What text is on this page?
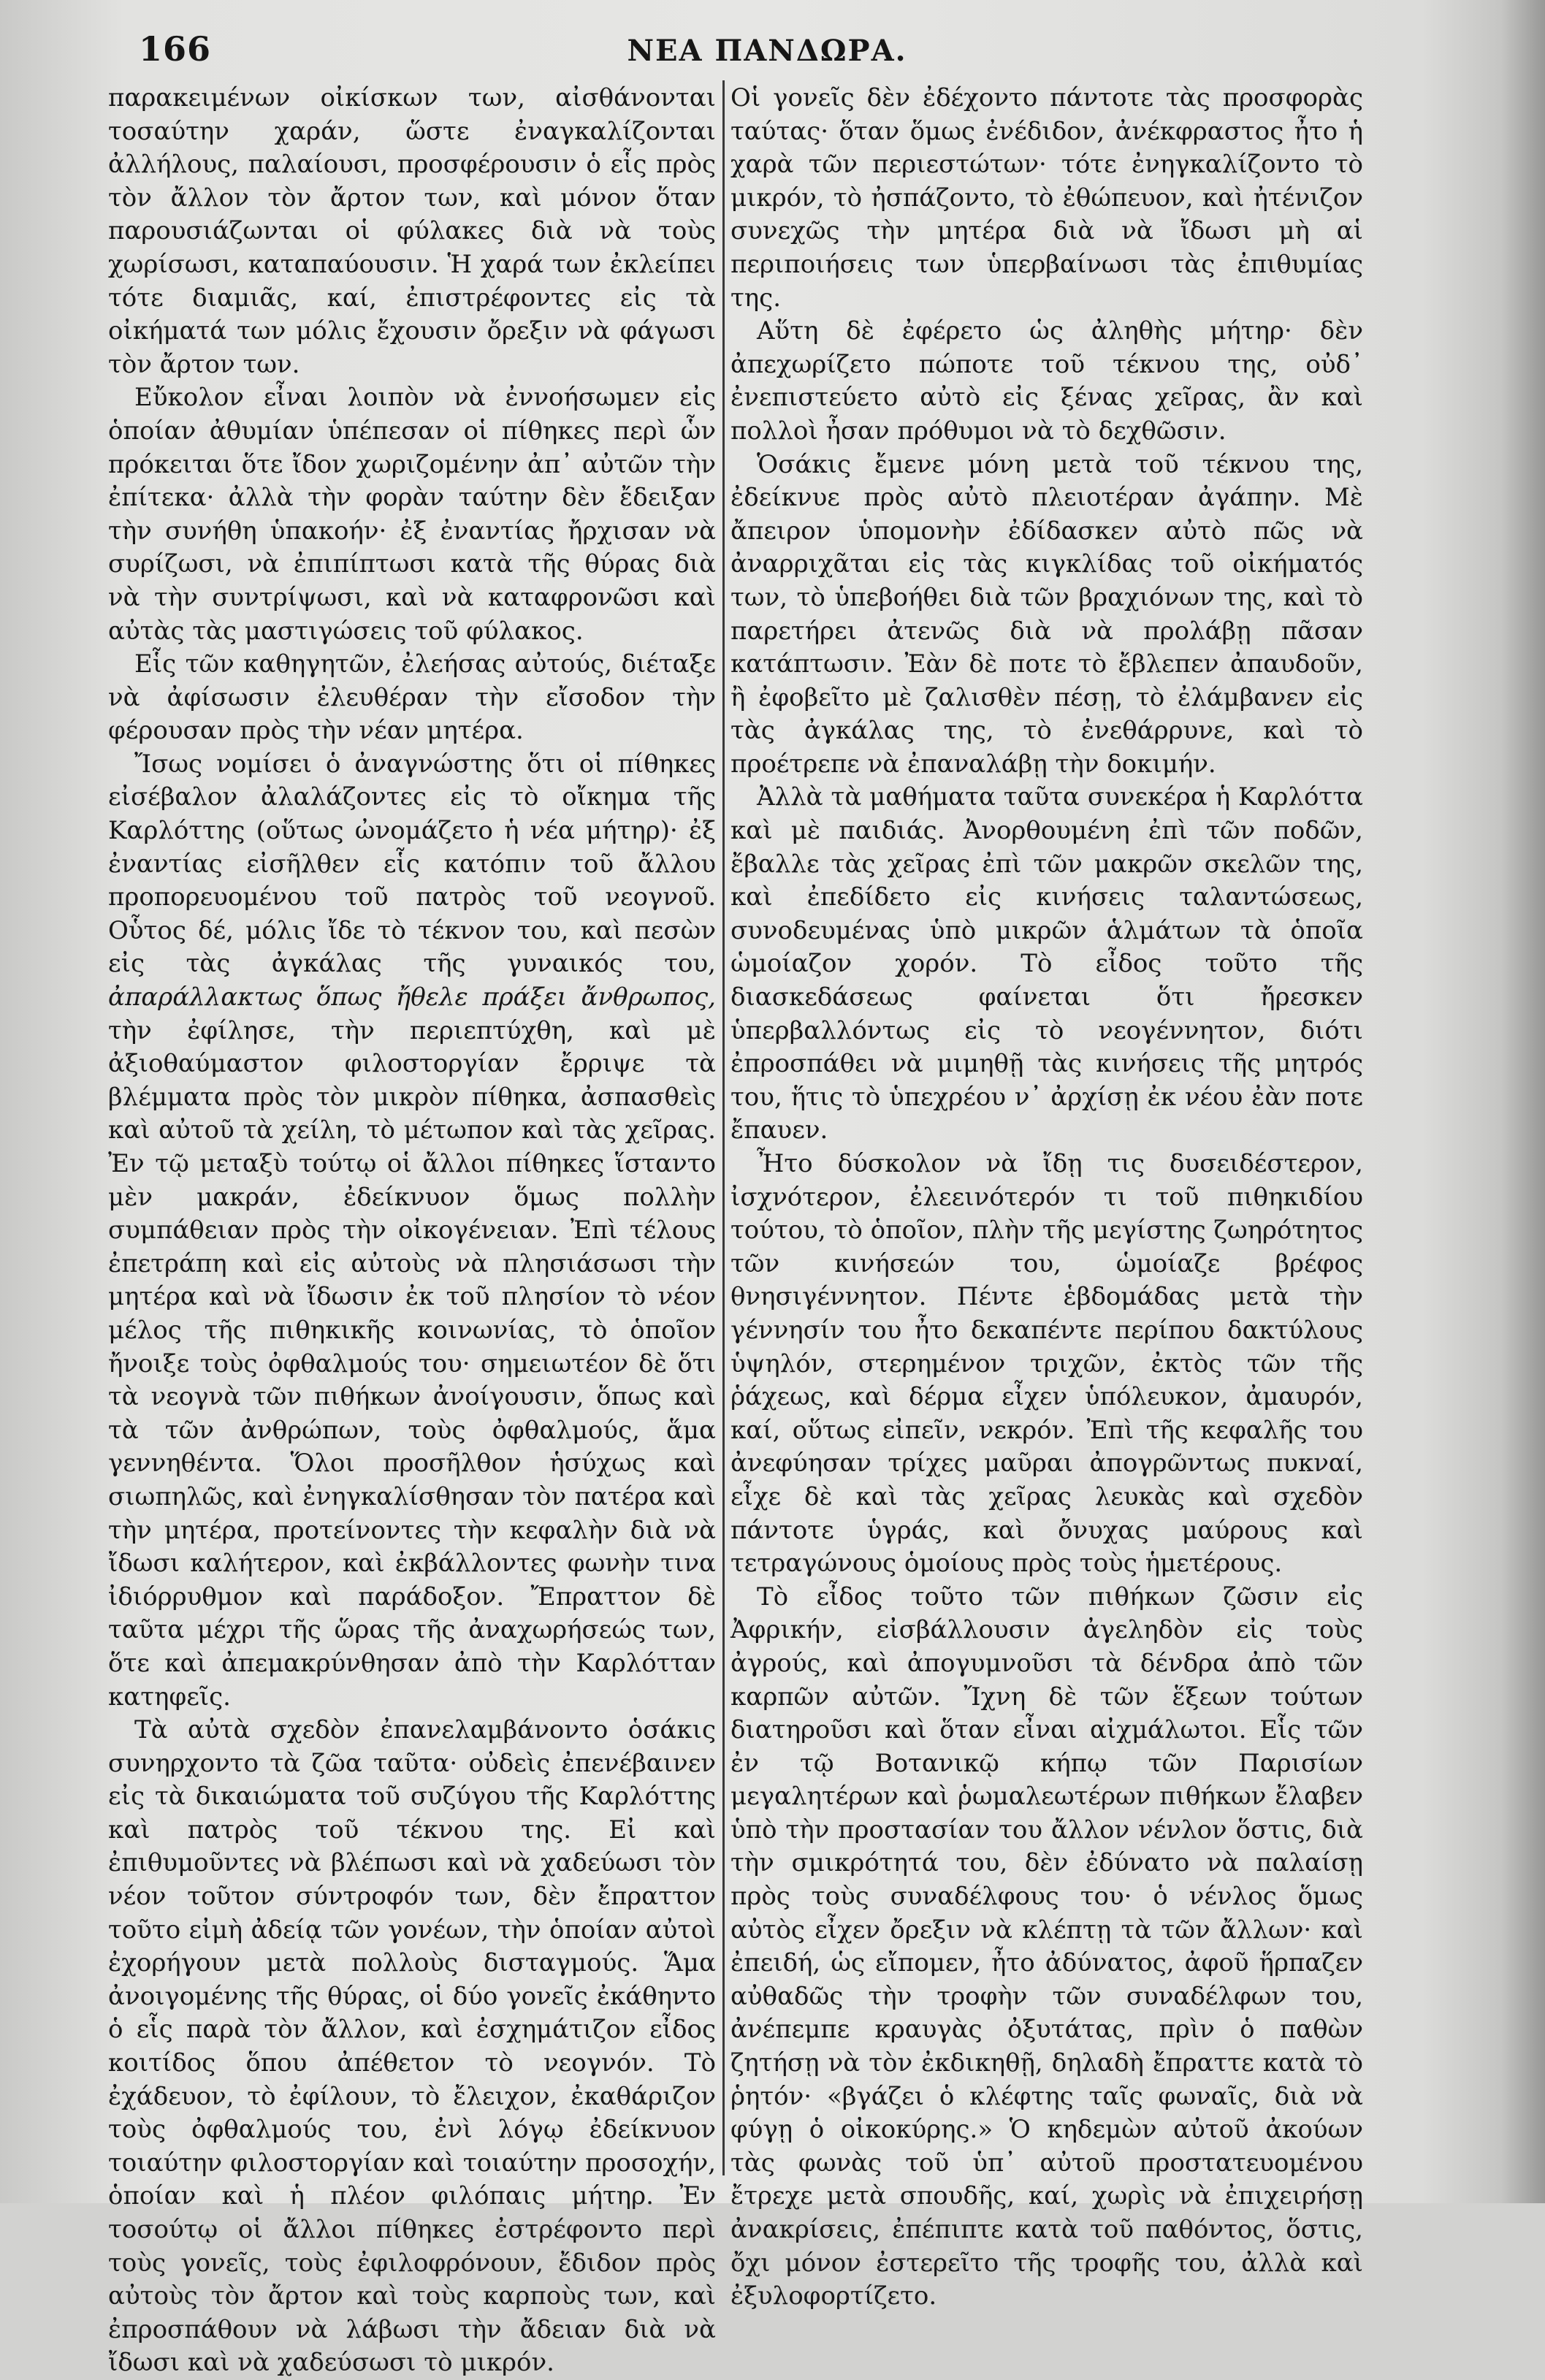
166	ΝΕΑ ΠΑΝΔΩΡΑ.

παρακειμένων οἰκίσκων των, αἰσθάνονται τοσαύτην χαράν, ὥστε ἐναγκαλίζονται ἀλλήλους, παλαίουσι, προσφέρουσιν ὁ εἷς πρὸς τὸν ἄλλον τὸν ἄρτον των, καὶ μόνον ὅταν παρουσιάζωνται οἱ φύλακες διὰ νὰ τοὺς χωρίσωσι, καταπαύουσιν. Ἡ χαρά των ἐκλείπει τότε διαμιᾶς, καί, ἐπιστρέφοντες εἰς τὰ οἰκήματά των μόλις ἔχουσιν ὄρεξιν νὰ φάγωσι τὸν ἄρτον των.

Εὔκολον εἶναι λοιπὸν νὰ ἐννοήσωμεν εἰς ὁποίαν ἀθυμίαν ὑπέπεσαν οἱ πίθηκες περὶ ὧν πρόκειται ὅτε ἴδον χωριζομένην ἀπ᾽ αὐτῶν τὴν ἐπίτεκα· ἀλλὰ τὴν φορὰν ταύτην δὲν ἔδειξαν τὴν συνήθη ὑπακοήν· ἐξ ἐναντίας ἤρχισαν νὰ συρίζωσι, νὰ ἐπιπίπτωσι κατὰ τῆς θύρας διὰ νὰ τὴν συντρίψωσι, καὶ νὰ καταφρονῶσι καὶ αὐτὰς τὰς μαστιγώσεις τοῦ φύλακος.

Εἷς τῶν καθηγητῶν, ἐλεήσας αὐτούς, διέταξε νὰ ἀφίσωσιν ἐλευθέραν τὴν εἴσοδον τὴν φέρουσαν πρὸς τὴν νέαν μητέρα.

Ἴσως νομίσει ὁ ἀναγνώστης ὅτι οἱ πίθηκες εἰσέβαλον ἀλαλάζοντες εἰς τὸ οἴκημα τῆς Καρλόττης (οὕτως ὠνομάζετο ἡ νέα μήτηρ)· ἐξ ἐναντίας εἰσῆλθεν εἷς κατόπιν τοῦ ἄλλου προπορευομένου τοῦ πατρὸς τοῦ νεογνοῦ. Οὗτος δέ, μόλις ἴδε τὸ τέκνον του, καὶ πεσὼν εἰς τὰς ἀγκάλας τῆς γυναικός του, ἀπαράλλακτως ὅπως ἤθελε πράξει ἄνθρωπος, τὴν ἐφίλησε, τὴν περιεπτύχθη, καὶ μὲ ἀξιοθαύμαστον φιλοστοργίαν ἔρριψε τὰ βλέμματα πρὸς τὸν μικρὸν πίθηκα, ἀσπασθεὶς καὶ αὐτοῦ τὰ χείλη, τὸ μέτωπον καὶ τὰς χεῖρας. Ἐν τῷ μεταξὺ τούτῳ οἱ ἄλλοι πίθηκες ἵσταντο μὲν μακράν, ἐδείκνυον ὅμως πολλὴν συμπάθειαν πρὸς τὴν οἰκογένειαν. Ἐπὶ τέλους ἐπετράπη καὶ εἰς αὐτοὺς νὰ πλησιάσωσι τὴν μητέρα καὶ νὰ ἴδωσιν ἐκ τοῦ πλησίον τὸ νέον μέλος τῆς πιθηκικῆς κοινωνίας, τὸ ὁποῖον ἤνοιξε τοὺς ὀφθαλμούς του· σημειωτέον δὲ ὅτι τὰ νεογνὰ τῶν πιθήκων ἀνοίγουσιν, ὅπως καὶ τὰ τῶν ἀνθρώπων, τοὺς ὀφθαλμούς, ἅμα γεννηθέντα. Ὅλοι προσῆλθον ἡσύχως καὶ σιωπηλῶς, καὶ ἐνηγκαλίσθησαν τὸν πατέρα καὶ τὴν μητέρα, προτείνοντες τὴν κεφαλὴν διὰ νὰ ἴδωσι καλήτερον, καὶ ἐκβάλλοντες φωνὴν τινα ἰδιόρρυθμον καὶ παράδοξον. Ἔπραττον δὲ ταῦτα μέχρι τῆς ὥρας τῆς ἀναχωρήσεώς των, ὅτε καὶ ἀπεμακρύνθησαν ἀπὸ τὴν Καρλότταν κατηφεῖς.

Τὰ αὐτὰ σχεδὸν ἐπανελαμβάνοντο ὁσάκις συνηρχοντο τὰ ζῶα ταῦτα· οὐδεὶς ἐπενέβαινεν εἰς τὰ δικαιώματα τοῦ συζύγου τῆς Καρλόττης καὶ πατρὸς τοῦ τέκνου της. Εἰ καὶ ἐπιθυμοῦντες νὰ βλέπωσι καὶ νὰ χαδεύωσι τὸν νέον τοῦτον σύντροφόν των, δὲν ἔπραττον τοῦτο εἰμὴ ἀδείᾳ τῶν γονέων, τὴν ὁποίαν αὐτοὶ ἐχορήγουν μετὰ πολλοὺς δισταγμούς. Ἅμα ἀνοιγομένης τῆς θύρας, οἱ δύο γονεῖς ἐκάθηντο ὁ εἷς παρὰ τὸν ἄλλον, καὶ ἐσχημάτιζον εἶδος κοιτίδος ὅπου ἀπέθετον τὸ νεογνόν. Τὸ ἐχάδευον, τὸ ἐφίλουν, τὸ ἔλειχον, ἐκαθάριζον τοὺς ὀφθαλμούς του, ἐνὶ λόγῳ ἐδείκνυον τοιαύτην φιλοστοργίαν καὶ τοιαύτην προσοχήν, ὁποίαν καὶ ἡ πλέον φιλόπαις μήτηρ. Ἐν τοσούτῳ οἱ ἄλλοι πίθηκες ἐστρέφοντο περὶ τοὺς γονεῖς, τοὺς ἐφιλοφρόνουν, ἔδιδον πρὸς αὐτοὺς τὸν ἄρτον καὶ τοὺς καρποὺς των, καὶ ἐπροσπάθουν νὰ λάβωσι τὴν ἄδειαν διὰ νὰ ἴδωσι καὶ νὰ χαδεύσωσι τὸ μικρόν.

Οἱ γονεῖς δὲν ἐδέχοντο πάντοτε τὰς προσφορὰς ταύτας· ὅταν ὅμως ἐνέδιδον, ἀνέκφραστος ἦτο ἡ χαρὰ τῶν περιεστώτων· τότε ἐνηγκαλίζοντο τὸ μικρόν, τὸ ἠσπάζοντο, τὸ ἐθώπευον, καὶ ἠτένιζον συνεχῶς τὴν μητέρα διὰ νὰ ἴδωσι μὴ αἱ περιποιήσεις των ὑπερβαίνωσι τὰς ἐπιθυμίας της.

Αὕτη δὲ ἐφέρετο ὡς ἀληθὴς μήτηρ· δὲν ἀπεχωρίζετο πώποτε τοῦ τέκνου της, οὐδ᾽ ἐνεπιστεύετο αὐτὸ εἰς ξένας χεῖρας, ἂν καὶ πολλοὶ ἦσαν πρόθυμοι νὰ τὸ δεχθῶσιν.

Ὁσάκις ἔμενε μόνη μετὰ τοῦ τέκνου της, ἐδείκνυε πρὸς αὐτὸ πλειοτέραν ἀγάπην. Μὲ ἄπειρον ὑπομονὴν ἐδίδασκεν αὐτὸ πῶς νὰ ἀναρριχᾶται εἰς τὰς κιγκλίδας τοῦ οἰκήματός των, τὸ ὑπεβοήθει διὰ τῶν βραχιόνων της, καὶ τὸ παρετήρει ἀτενῶς διὰ νὰ προλάβῃ πᾶσαν κατάπτωσιν. Ἐὰν δὲ ποτε τὸ ἔβλεπεν ἀπαυδοῦν, ἢ ἐφοβεῖτο μὲ ζαλισθὲν πέσῃ, τὸ ἐλάμβανεν εἰς τὰς ἀγκάλας της, τὸ ἐνεθάρρυνε, καὶ τὸ προέτρεπε νὰ ἐπαναλάβῃ τὴν δοκιμήν.

Ἀλλὰ τὰ μαθήματα ταῦτα συνεκέρα ἡ Καρλόττα καὶ μὲ παιδιάς. Ἀνορθουμένη ἐπὶ τῶν ποδῶν, ἔβαλλε τὰς χεῖρας ἐπὶ τῶν μακρῶν σκελῶν της, καὶ ἐπεδίδετο εἰς κινήσεις ταλαντώσεως, συνοδευμένας ὑπὸ μικρῶν ἁλμάτων τὰ ὁποῖα ὡμοίαζον χορόν. Τὸ εἶδος τοῦτο τῆς διασκεδάσεως φαίνεται ὅτι ἤρεσκεν ὑπερβαλλόντως εἰς τὸ νεογέννητον, διότι ἐπροσπάθει νὰ μιμηθῇ τὰς κινήσεις τῆς μητρός του, ἥτις τὸ ὑπεχρέου ν᾽ ἀρχίσῃ ἐκ νέου ἐὰν ποτε ἔπαυεν.

Ἦτο δύσκολον νὰ ἴδῃ τις δυσειδέστερον, ἰσχνότερον, ἐλεεινότερόν τι τοῦ πιθηκιδίου τούτου, τὸ ὁποῖον, πλὴν τῆς μεγίστης ζωηρότητος τῶν κινήσεών του, ὡμοίαζε βρέφος θνησιγέννητον. Πέντε ἑβδομάδας μετὰ τὴν γέννησίν του ἦτο δεκαπέντε περίπου δακτύλους ὑψηλόν, στερημένον τριχῶν, ἐκτὸς τῶν τῆς ῥάχεως, καὶ δέρμα εἶχεν ὑπόλευκον, ἀμαυρόν, καί, οὕτως εἰπεῖν, νεκρόν. Ἐπὶ τῆς κεφαλῆς του ἀνεφύησαν τρίχες μαῦραι ἀπογρῶντως πυκναί, εἶχε δὲ καὶ τὰς χεῖρας λευκὰς καὶ σχεδὸν πάντοτε ὑγράς, καὶ ὄνυχας μαύρους καὶ τετραγώνους ὁμοίους πρὸς τοὺς ἡμετέρους.

Τὸ εἶδος τοῦτο τῶν πιθήκων ζῶσιν εἰς Ἀφρικήν, εἰσβάλλουσιν ἀγεληδὸν εἰς τοὺς ἀγρούς, καὶ ἀπογυμνοῦσι τὰ δένδρα ἀπὸ τῶν καρπῶν αὐτῶν. Ἴχνη δὲ τῶν ἕξεων τούτων διατηροῦσι καὶ ὅταν εἶναι αἰχμάλωτοι. Εἷς τῶν ἐν τῷ Βοτανικῷ κήπῳ τῶν Παρισίων μεγαλητέρων καὶ ῥωμαλεωτέρων πιθήκων ἔλαβεν ὑπὸ τὴν προστασίαν του ἄλλον νένλον ὅστις, διὰ τὴν σμικρότητά του, δὲν ἐδύνατο νὰ παλαίσῃ πρὸς τοὺς συναδέλφους του· ὁ νένλος ὅμως αὐτὸς εἶχεν ὄρεξιν νὰ κλέπτῃ τὰ τῶν ἄλλων· καὶ ἐπειδή, ὡς εἴπομεν, ἦτο ἀδύνατος, ἀφοῦ ἥρπαζεν αὐθαδῶς τὴν τροφὴν τῶν συναδέλφων του, ἀνέπεμπε κραυγὰς ὀξυτάτας, πρὶν ὁ παθὼν ζητήσῃ νὰ τὸν ἐκδικηθῇ, δηλαδὴ ἔπραττε κατὰ τὸ ῥητόν· «βγάζει ὁ κλέφτης ταῖς φωναῖς, διὰ νὰ φύγῃ ὁ οἰκοκύρης.» Ὁ κηδεμὼν αὐτοῦ ἀκούων τὰς φωνὰς τοῦ ὑπ᾽ αὐτοῦ προστατευομένου ἔτρεχε μετὰ σπουδῆς, καί, χωρὶς νὰ ἐπιχειρήσῃ ἀνακρίσεις, ἐπέπιπτε κατὰ τοῦ παθόντος, ὅστις, ὄχι μόνον ἐστερεῖτο τῆς τροφῆς του, ἀλλὰ καὶ ἐξυλοφορτίζετο.
